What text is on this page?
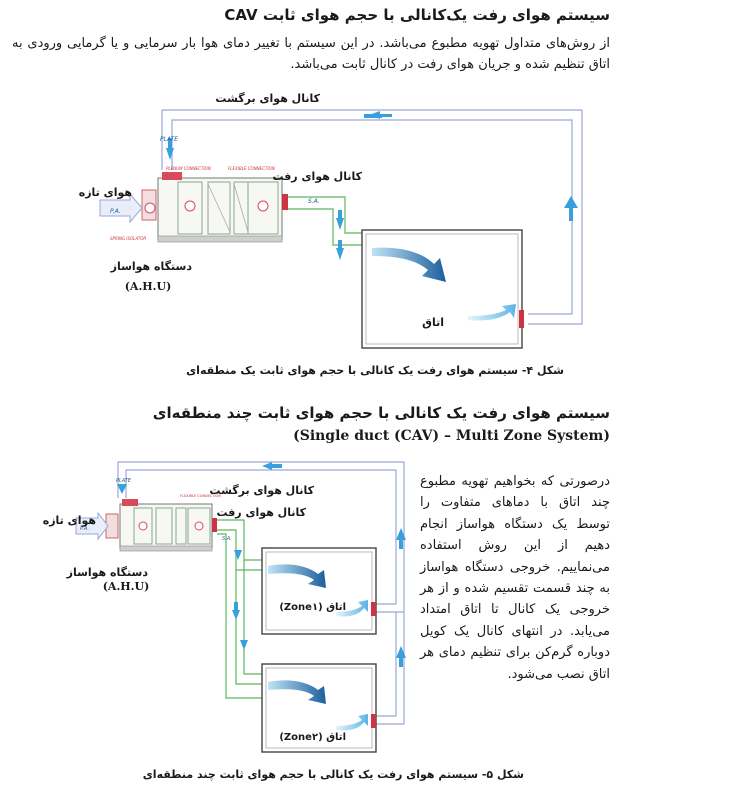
سیستم هوای رفت یک‌کانالی با حجم هوای ثابت CAV
از روش‌های متداول تهویه مطبوع می‌باشد. در این سیستم با تغییر دمای هوا بار سرمایی و یا گرمایی ورودی به اتاق تنظیم شده و جریان هوای رفت در کانال ثابت می‌باشد.
PLENUM CONNECTION	FLEXIBLE CONNECTION
SPRING ISOLATOR
کانال هوای برگشت
کانال هوای رفت
هوای تازه
دستگاه هواساز
(A.H.U)
اتاق
PLATE
P.A.
S.A.
شکل ۴- سیستم هوای رفت یک کانالی با حجم هوای ثابت یک منطقه‌ای
سیستم هوای رفت یک کانالی با حجم هوای ثابت چند منطقه‌ای
(Single duct (CAV) – Multi Zone System)
درصورتی که بخواهیم تهویه مطبوع چند اتاق با دماهای متفاوت را توسط یک دستگاه هواساز انجام دهیم از این روش استفاده می‌نماییم. خروجی دستگاه هواساز به چند قسمت تقسیم شده و از هر خروجی یک کانال تا اتاق امتداد می‌یابد. در انتهای کانال یک کویل دوباره گرم‌کن برای تنظیم دمای هر اتاق نصب می‌شود.
FLEXIBLE CONNECTION
کانال هوای برگشت
کانال هوای رفت
هوای تازه
دستگاه هواساز
(A.H.U)
اتاق (Zone۱)
اتاق (Zone۲)
PLATE
P.A.
S.A.
شکل ۵- سیستم هوای رفت یک کانالی با حجم هوای ثابت چند منطقه‌ای
